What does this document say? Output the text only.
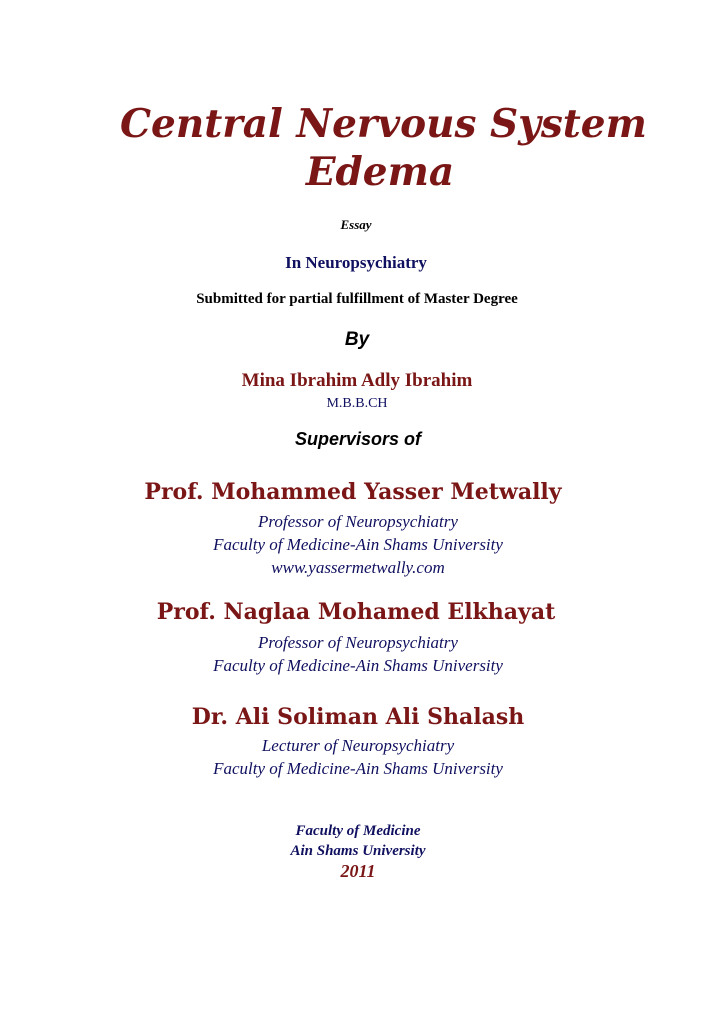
Central Nervous System
Edema
Essay
In Neuropsychiatry
Submitted for partial fulfillment of Master Degree
By
Mina Ibrahim Adly Ibrahim
M.B.B.CH
Supervisors of
Prof. Mohammed Yasser Metwally
Professor of Neuropsychiatry
Faculty of Medicine-Ain Shams University
www.yassermetwally.com
Prof. Naglaa Mohamed Elkhayat
Professor of Neuropsychiatry
Faculty of Medicine-Ain Shams University
Dr. Ali Soliman Ali Shalash
Lecturer of Neuropsychiatry
Faculty of Medicine-Ain Shams University
Faculty of Medicine
Ain Shams University
2011
